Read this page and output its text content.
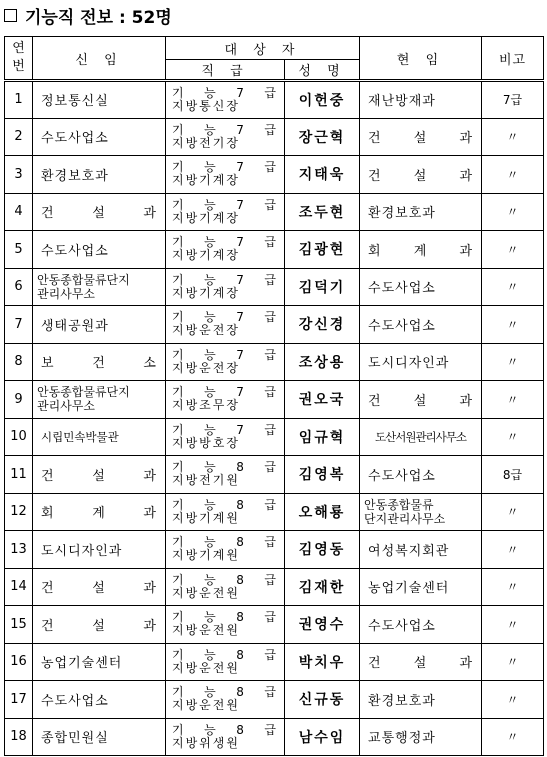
기능직 전보 : 52명
연
번	신 임	대 상 자		현 임	비고
		직 급	성 명		
1	정보통신실	기 능 7 급
지방통신장	이헌중	재난방재과	7급
2	수도사업소	기 능 7 급
지방전기장	장근혁	건 설 과	〃
3	환경보호과	기 능 7 급
지방기계장	지태욱	건 설 과	〃
4	건 설 과	기 능 7 급
지방기계장	조두현	환경보호과	〃
5	수도사업소	기 능 7 급
지방기계장	김광현	회 계 과	〃
6	안동종합물류단지
관리사무소	기 능 7 급
지방기계장	김덕기	수도사업소	〃
7	생태공원과	기 능 7 급
지방운전장	강신경	수도사업소	〃
8	보 건 소	기 능 7 급
지방운전장	조상용	도시디자인과	〃
9	안동종합물류단지
관리사무소	기 능 7 급
지방조무장	권오국	건 설 과	〃
10	시립민속박물관	기 능 7 급
지방방호장	임규혁	도산서원관리사무소	〃
11	건 설 과	기 능 8 급
지방전기원	김영복	수도사업소	8급
12	회 계 과	기 능 8 급
지방기계원	오해룡	안동종합물류
단지관리사무소	〃
13	도시디자인과	기 능 8 급
지방기계원	김영동	여성복지회관	〃
14	건 설 과	기 능 8 급
지방운전원	김재한	농업기술센터	〃
15	건 설 과	기 능 8 급
지방운전원	권영수	수도사업소	〃
16	농업기술센터	기 능 8 급
지방운전원	박치우	건 설 과	〃
17	수도사업소	기 능 8 급
지방운전원	신규동	환경보호과	〃
18	종합민원실	기 능 8 급
지방위생원	남수임	교통행정과	〃
